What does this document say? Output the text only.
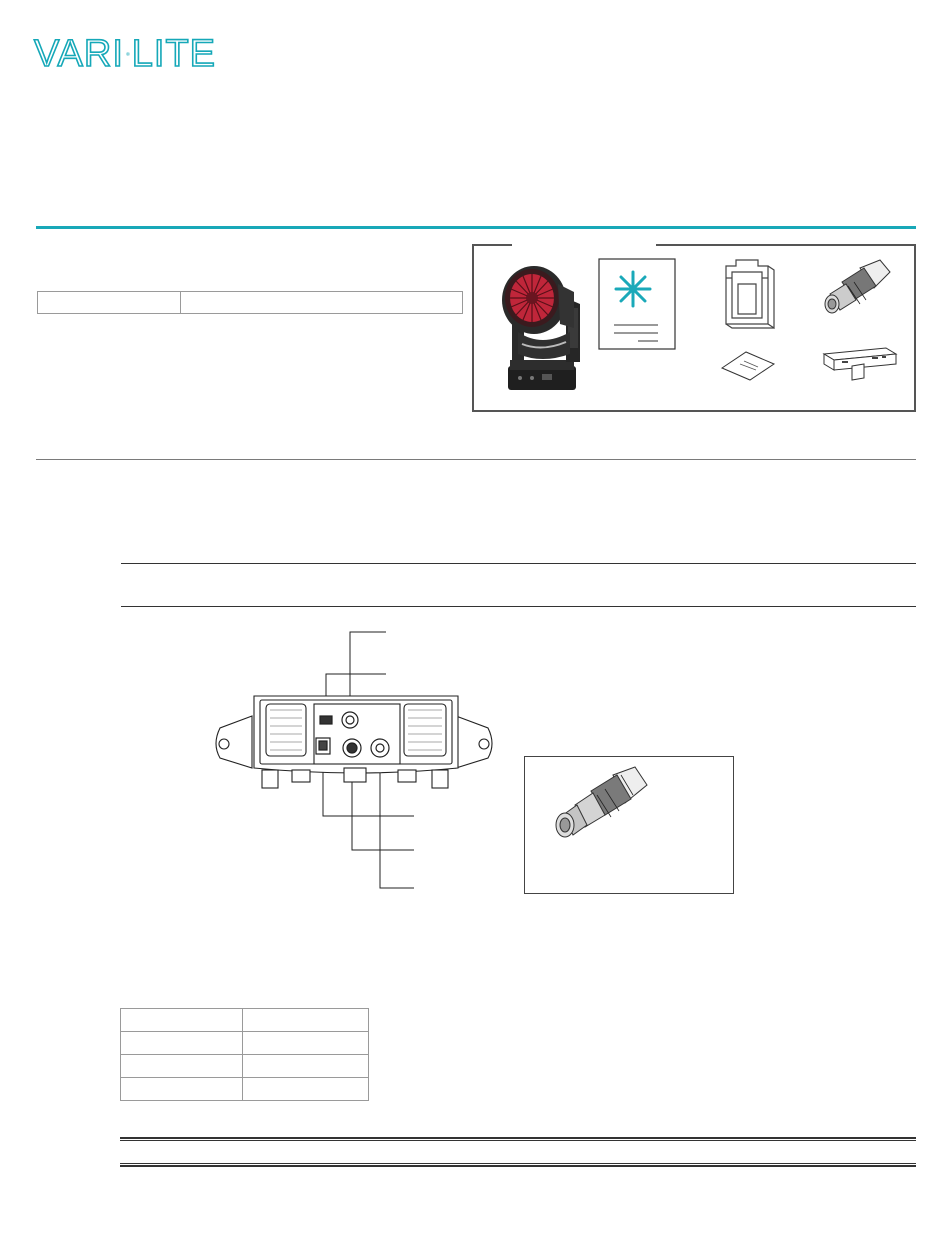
VARI LITE
